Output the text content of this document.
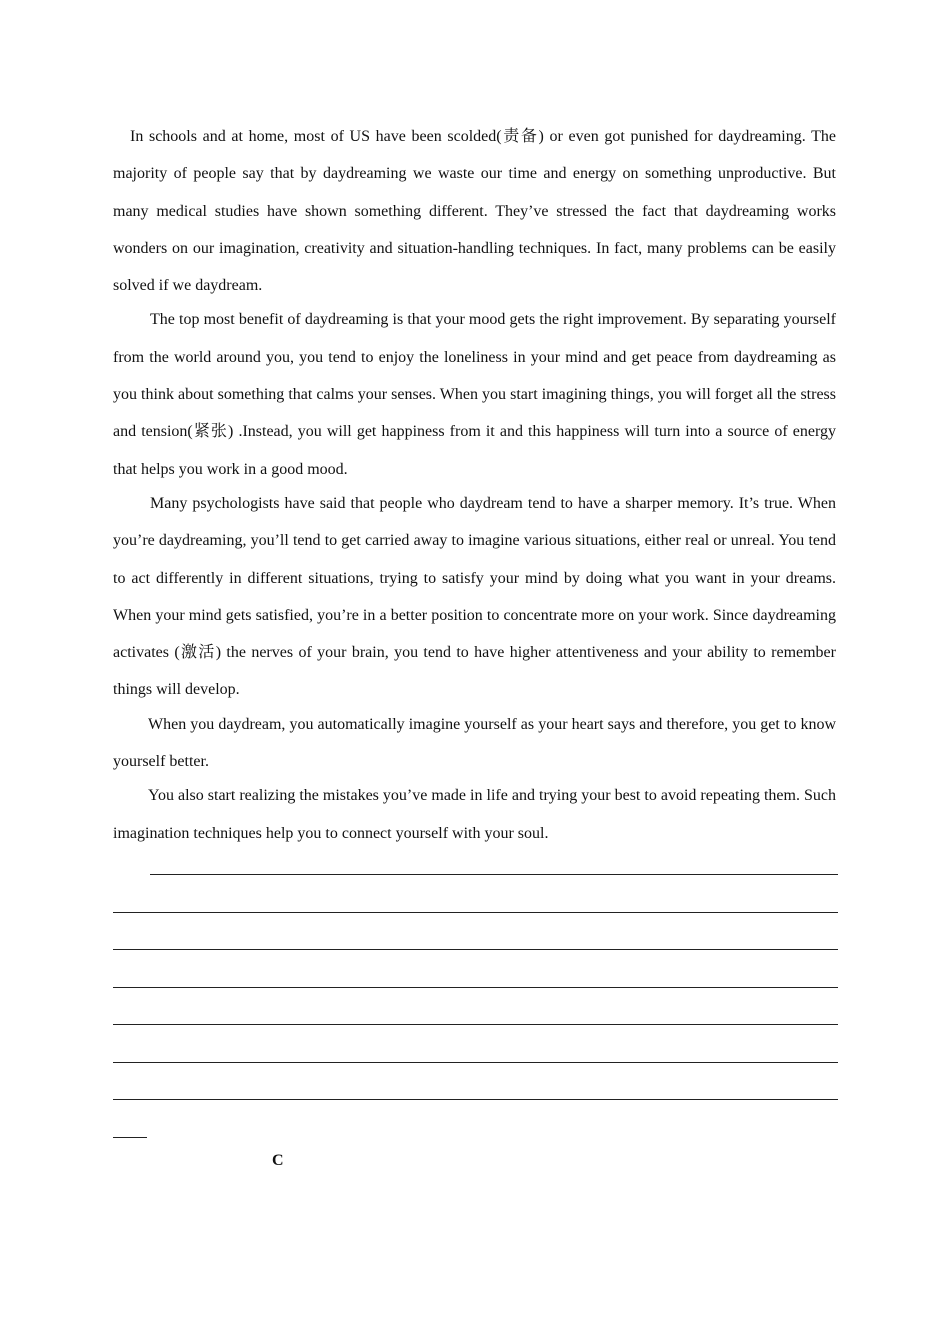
In schools and at home, most of US have been scolded(责备) or even got punished for daydreaming. The majority of people say that by daydreaming we waste our time and energy on something unproductive. But many medical studies have shown something different. They’ve stressed the fact that daydreaming works wonders on our imagination, creativity and situation-handling techniques. In fact, many problems can be easily solved if we daydream.

The top most benefit of daydreaming is that your mood gets the right improvement. By separating yourself from the world around you, you tend to enjoy the loneliness in your mind and get peace from daydreaming as you think about something that calms your senses. When you start imagining things, you will forget all the stress and tension(紧张) .Instead, you will get happiness from it and this happiness will turn into a source of energy that helps you work in a good mood.

Many psychologists have said that people who daydream tend to have a sharper memory. It’s true. When you’re daydreaming, you’ll tend to get carried away to imagine various situations, either real or unreal. You tend to act differently in different situations, trying to satisfy your mind by doing what you want in your dreams. When your mind gets satisfied, you’re in a better position to concentrate more on your work. Since daydreaming activates (激活) the nerves of your brain, you tend to have higher attentiveness and your ability to remember things will develop.

When you daydream, you automatically imagine yourself as your heart says and therefore, you get to know yourself better.

You also start realizing the mistakes you’ve made in life and trying your best to avoid repeating them. Such imagination techniques help you to connect yourself with your soul.

C
